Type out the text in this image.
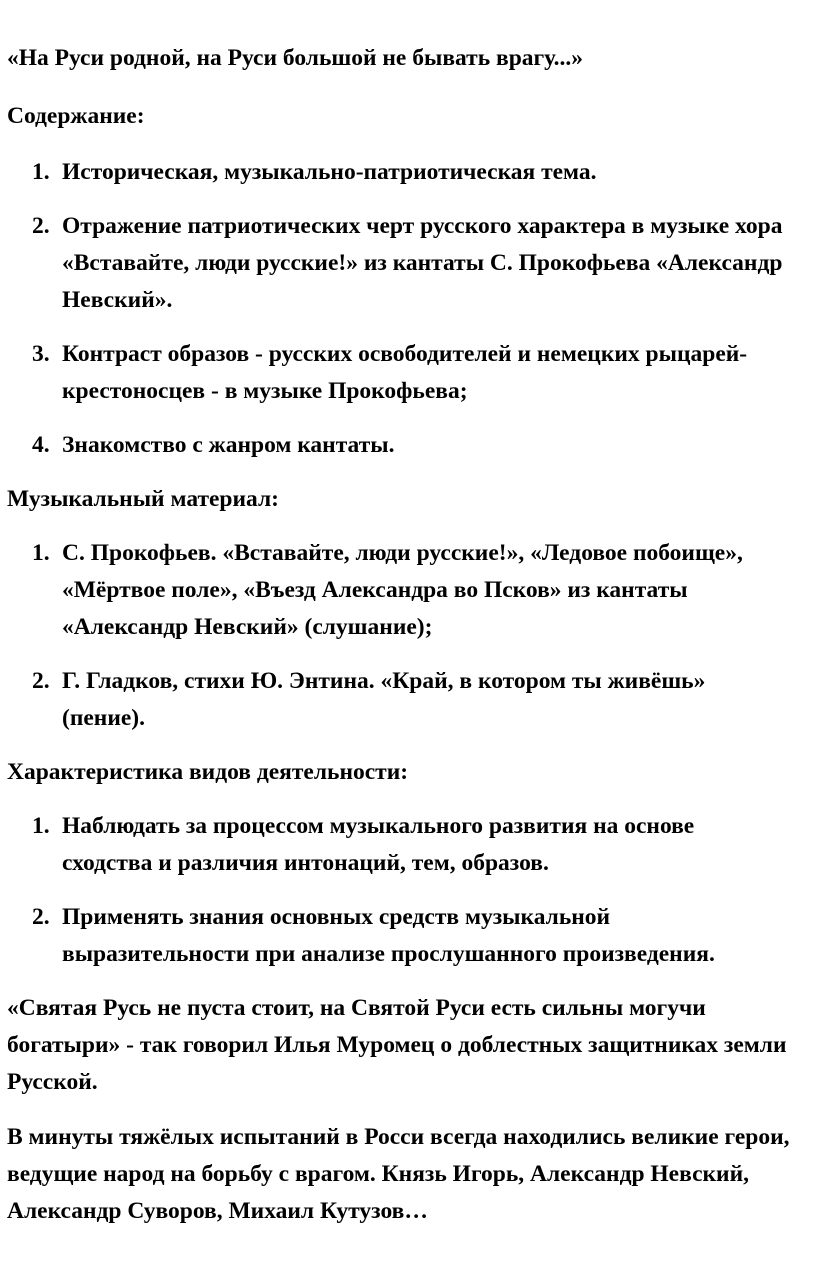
«На Руси родной, на Руси большой не бывать врагу...»

Содержание:

1. Историческая, музыкально-патриотическая тема.
2. Отражение патриотических черт русского характера в музыке хора «Вставайте, люди русские!» из кантаты С. Прокофьева «Александр Невский».
3. Контраст образов - русских освободителей и немецких рыцарей-крестоносцев - в музыке Прокофьева;
4. Знакомство с жанром кантаты.

Музыкальный материал:

1. С. Прокофьев. «Вставайте, люди русские!», «Ледовое побоище», «Мёртвое поле», «Въезд Александра во Псков» из кантаты «Александр Невский» (слушание);
2. Г. Гладков, стихи Ю. Энтина. «Край, в котором ты живёшь» (пение).

Характеристика видов деятельности:

1. Наблюдать за процессом музыкального развития на основе сходства и различия интонаций, тем, образов.
2. Применять знания основных средств музыкальной выразительности при анализе прослушанного произведения.

«Святая Русь не пуста стоит, на Святой Руси есть сильны могучи богатыри» - так говорил Илья Муромец о доблестных защитниках земли Русской.

В минуты тяжёлых испытаний в Росси всегда находились великие герои, ведущие народ на борьбу с врагом. Князь Игорь, Александр Невский, Александр Суворов, Михаил Кутузов…
